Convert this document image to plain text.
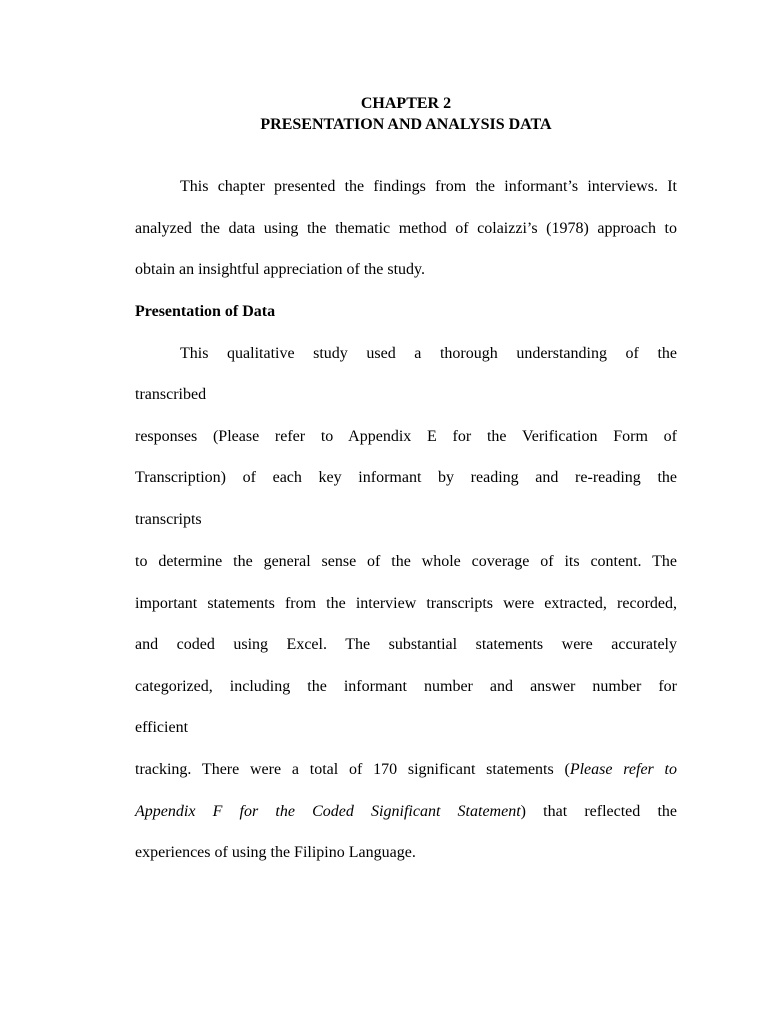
CHAPTER 2
PRESENTATION AND ANALYSIS DATA
This chapter presented the findings from the informant’s interviews. It
analyzed the data using the thematic method of colaizzi’s (1978) approach to
obtain an insightful appreciation of the study.
Presentation of Data
This qualitative study used a thorough understanding of the
transcribed
responses (Please refer to Appendix E for the Verification Form of
Transcription) of each key informant by reading and re-reading the
transcripts
to determine the general sense of the whole coverage of its content. The
important statements from the interview transcripts were extracted, recorded,
and coded using Excel. The substantial statements were accurately
categorized, including the informant number and answer number for
efficient
tracking. There were a total of 170 significant statements (Please refer to
Appendix F for the Coded Significant Statement) that reflected the
experiences of using the Filipino Language.
